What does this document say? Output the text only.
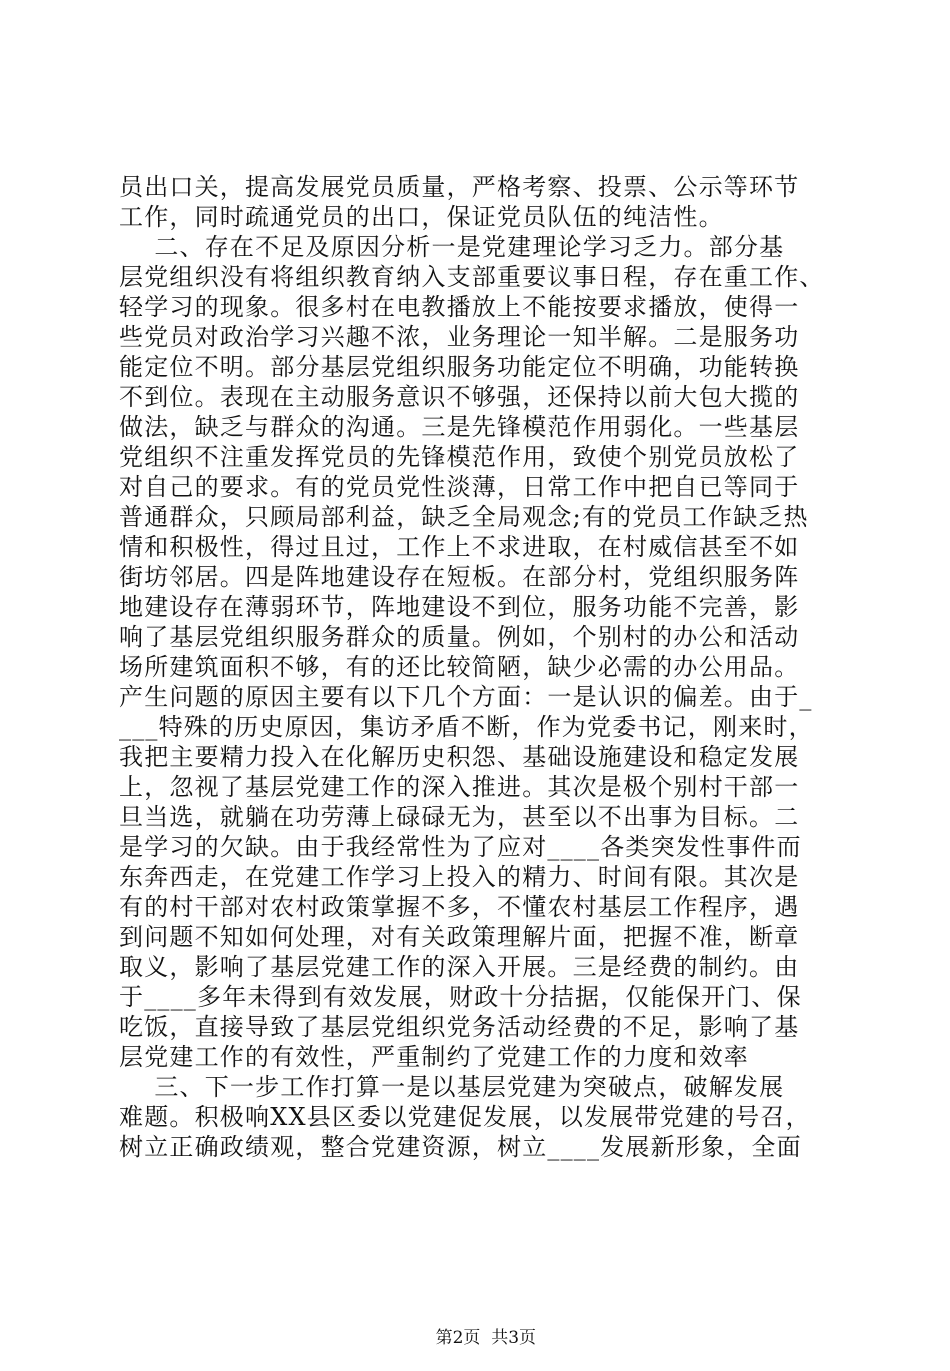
员出口关，提高发展党员质量，严格考察、投票、公示等环节
工作，同时疏通党员的出口，保证党员队伍的纯洁性。
二、存在不足及原因分析一是党建理论学习乏力。部分基
层党组织没有将组织教育纳入支部重要议事日程，存在重工作、
轻学习的现象。很多村在电教播放上不能按要求播放，使得一
些党员对政治学习兴趣不浓，业务理论一知半解。二是服务功
能定位不明。部分基层党组织服务功能定位不明确，功能转换
不到位。表现在主动服务意识不够强，还保持以前大包大揽的
做法，缺乏与群众的沟通。三是先锋模范作用弱化。一些基层
党组织不注重发挥党员的先锋模范作用，致使个别党员放松了
对自己的要求。有的党员党性淡薄，日常工作中把自已等同于
普通群众，只顾局部利益，缺乏全局观念;有的党员工作缺乏热
情和积极性，得过且过，工作上不求进取，在村威信甚至不如
街坊邻居。四是阵地建设存在短板。在部分村，党组织服务阵
地建设存在薄弱环节，阵地建设不到位，服务功能不完善，影
响了基层党组织服务群众的质量。例如，个别村的办公和活动
场所建筑面积不够，有的还比较简陋，缺少必需的办公用品。
产生问题的原因主要有以下几个方面：一是认识的偏差。由于_
___特殊的历史原因，集访矛盾不断，作为党委书记，刚来时，
我把主要精力投入在化解历史积怨、基础设施建设和稳定发展
上，忽视了基层党建工作的深入推进。其次是极个别村干部一
旦当选，就躺在功劳薄上碌碌无为，甚至以不出事为目标。二
是学习的欠缺。由于我经常性为了应对____各类突发性事件而
东奔西走，在党建工作学习上投入的精力、时间有限。其次是
有的村干部对农村政策掌握不多，不懂农村基层工作程序，遇
到问题不知如何处理，对有关政策理解片面，把握不准，断章
取义，影响了基层党建工作的深入开展。三是经费的制约。由
于____多年未得到有效发展，财政十分拮据，仅能保开门、保
吃饭，直接导致了基层党组织党务活动经费的不足，影响了基
层党建工作的有效性，严重制约了党建工作的力度和效率
三、下一步工作打算一是以基层党建为突破点，破解发展
难题。积极响XX县区委以党建促发展，以发展带党建的号召，
树立正确政绩观，整合党建资源，树立____发展新形象，全面

第2页  共3页
